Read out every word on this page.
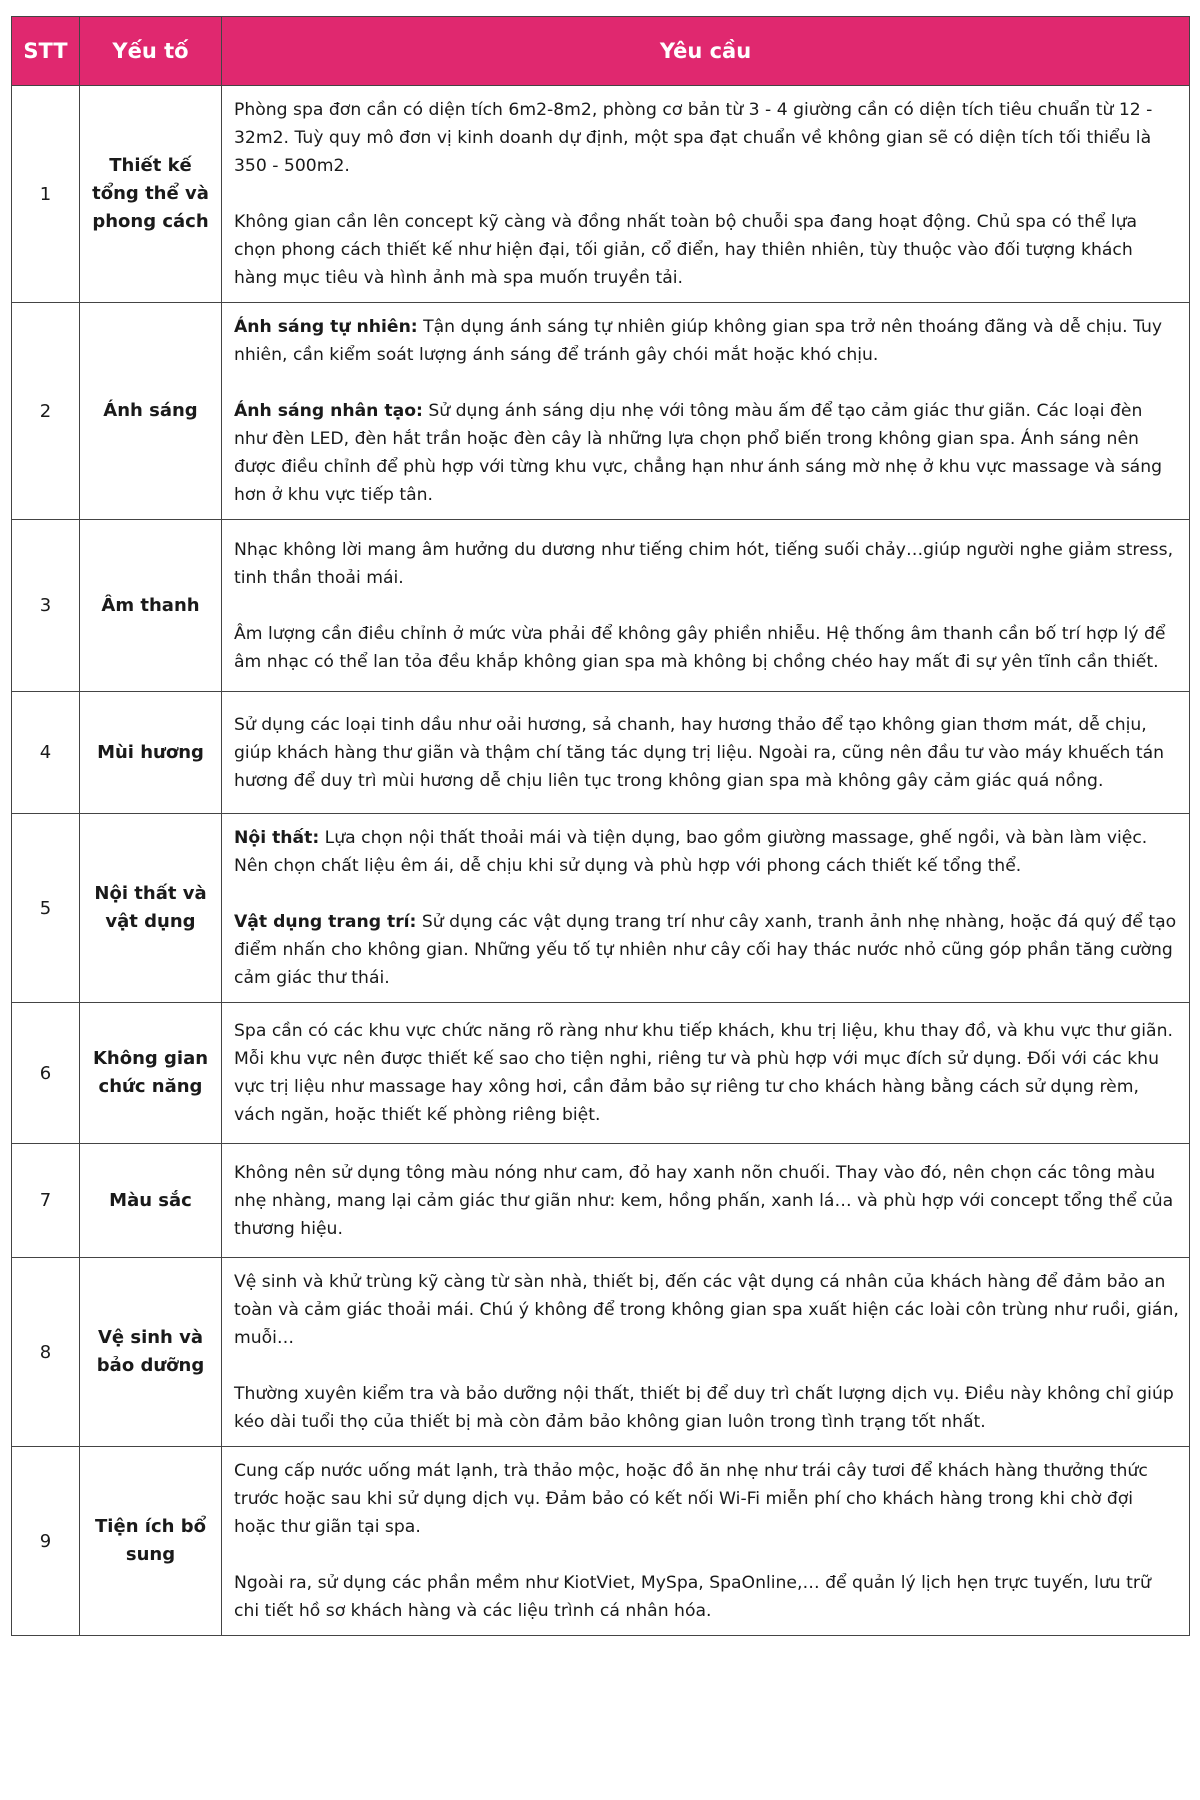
STT	Yếu tố	Yêu cầu
1	Thiết kế tổng thể và phong cách	Phòng spa đơn cần có diện tích 6m2-8m2, phòng cơ bản từ 3 - 4 giường cần có diện tích tiêu chuẩn từ 12 - 32m2. Tuỳ quy mô đơn vị kinh doanh dự định, một spa đạt chuẩn về không gian sẽ có diện tích tối thiểu là 350 - 500m2.

Không gian cần lên concept kỹ càng và đồng nhất toàn bộ chuỗi spa đang hoạt động. Chủ spa có thể lựa chọn phong cách thiết kế như hiện đại, tối giản, cổ điển, hay thiên nhiên, tùy thuộc vào đối tượng khách hàng mục tiêu và hình ảnh mà spa muốn truyền tải.

2	Ánh sáng	Ánh sáng tự nhiên: Tận dụng ánh sáng tự nhiên giúp không gian spa trở nên thoáng đãng và dễ chịu. Tuy nhiên, cần kiểm soát lượng ánh sáng để tránh gây chói mắt hoặc khó chịu.

Ánh sáng nhân tạo: Sử dụng ánh sáng dịu nhẹ với tông màu ấm để tạo cảm giác thư giãn. Các loại đèn như đèn LED, đèn hắt trần hoặc đèn cây là những lựa chọn phổ biến trong không gian spa. Ánh sáng nên được điều chỉnh để phù hợp với từng khu vực, chẳng hạn như ánh sáng mờ nhẹ ở khu vực massage và sáng hơn ở khu vực tiếp tân.

3	Âm thanh	Nhạc không lời mang âm hưởng du dương như tiếng chim hót, tiếng suối chảy…giúp người nghe giảm stress, tinh thần thoải mái.

Âm lượng cần điều chỉnh ở mức vừa phải để không gây phiền nhiễu. Hệ thống âm thanh cần bố trí hợp lý để âm nhạc có thể lan tỏa đều khắp không gian spa mà không bị chồng chéo hay mất đi sự yên tĩnh cần thiết.

4	Mùi hương	Sử dụng các loại tinh dầu như oải hương, sả chanh, hay hương thảo để tạo không gian thơm mát, dễ chịu, giúp khách hàng thư giãn và thậm chí tăng tác dụng trị liệu. Ngoài ra, cũng nên đầu tư vào máy khuếch tán hương để duy trì mùi hương dễ chịu liên tục trong không gian spa mà không gây cảm giác quá nồng.

5	Nội thất và vật dụng	Nội thất: Lựa chọn nội thất thoải mái và tiện dụng, bao gồm giường massage, ghế ngồi, và bàn làm việc. Nên chọn chất liệu êm ái, dễ chịu khi sử dụng và phù hợp với phong cách thiết kế tổng thể.

Vật dụng trang trí: Sử dụng các vật dụng trang trí như cây xanh, tranh ảnh nhẹ nhàng, hoặc đá quý để tạo điểm nhấn cho không gian. Những yếu tố tự nhiên như cây cối hay thác nước nhỏ cũng góp phần tăng cường cảm giác thư thái.

6	Không gian chức năng	Spa cần có các khu vực chức năng rõ ràng như khu tiếp khách, khu trị liệu, khu thay đồ, và khu vực thư giãn. Mỗi khu vực nên được thiết kế sao cho tiện nghi, riêng tư và phù hợp với mục đích sử dụng. Đối với các khu vực trị liệu như massage hay xông hơi, cần đảm bảo sự riêng tư cho khách hàng bằng cách sử dụng rèm, vách ngăn, hoặc thiết kế phòng riêng biệt.

7	Màu sắc	Không nên sử dụng tông màu nóng như cam, đỏ hay xanh nõn chuối. Thay vào đó, nên chọn các tông màu nhẹ nhàng, mang lại cảm giác thư giãn như: kem, hồng phấn, xanh lá… và phù hợp với concept tổng thể của thương hiệu.

8	Vệ sinh và bảo dưỡng	Vệ sinh và khử trùng kỹ càng từ sàn nhà, thiết bị, đến các vật dụng cá nhân của khách hàng để đảm bảo an toàn và cảm giác thoải mái. Chú ý không để trong không gian spa xuất hiện các loài côn trùng như ruồi, gián, muỗi…

Thường xuyên kiểm tra và bảo dưỡng nội thất, thiết bị để duy trì chất lượng dịch vụ. Điều này không chỉ giúp kéo dài tuổi thọ của thiết bị mà còn đảm bảo không gian luôn trong tình trạng tốt nhất.

9	Tiện ích bổ sung	Cung cấp nước uống mát lạnh, trà thảo mộc, hoặc đồ ăn nhẹ như trái cây tươi để khách hàng thưởng thức trước hoặc sau khi sử dụng dịch vụ. Đảm bảo có kết nối Wi-Fi miễn phí cho khách hàng trong khi chờ đợi hoặc thư giãn tại spa.

Ngoài ra, sử dụng các phần mềm như KiotViet, MySpa, SpaOnline,… để quản lý lịch hẹn trực tuyến, lưu trữ chi tiết hồ sơ khách hàng và các liệu trình cá nhân hóa.
